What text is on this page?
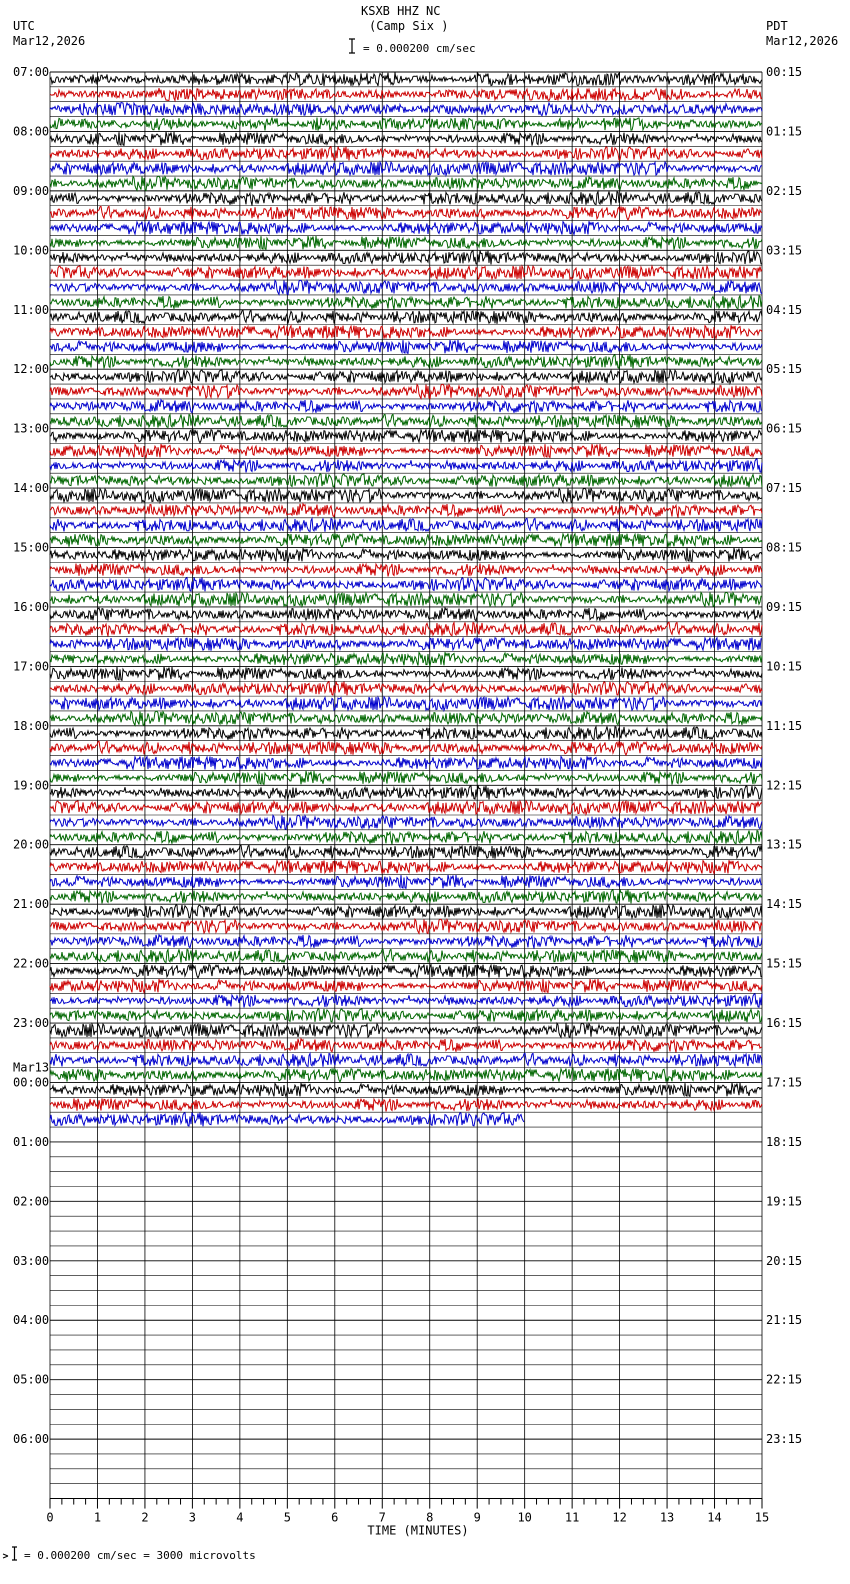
KSXB HHZ NC
(Camp Six )
= 0.000200 cm/sec
UTC
Mar12,2026
PDT
Mar12,2026
= 0.000200 cm/sec = 3000 microvolts
07:00	00:15
08:00	01:15
09:00	02:15
10:00	03:15
11:00	04:15
12:00	05:15
13:00	06:15
14:00	07:15
15:00	08:15
16:00	09:15
17:00	10:15
18:00	11:15
19:00	12:15
20:00	13:15
21:00	14:15
22:00	15:15
23:00	16:15
00:00	17:15
01:00	18:15
02:00	19:15
03:00	20:15
04:00	21:15
05:00	22:15
06:00	23:15
Mar13
0	1	2	3	4	5	6	7	8	9	10	11	12	13	14	15
TIME (MINUTES)
